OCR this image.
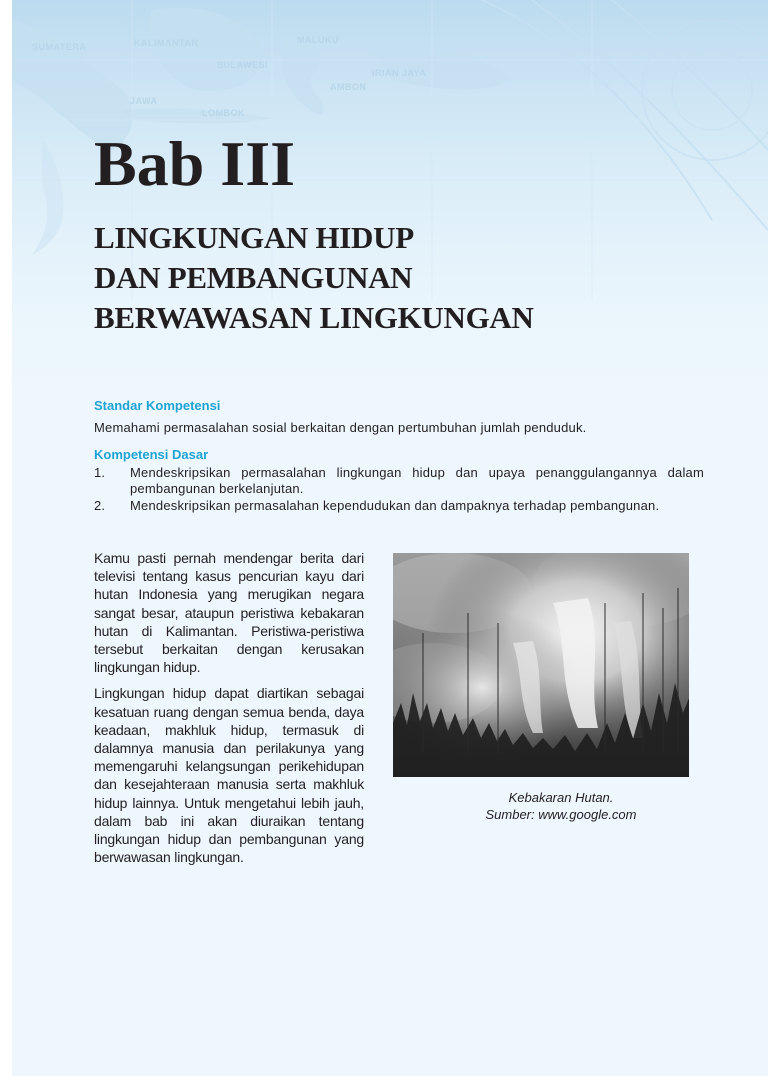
SUMATERA	KALIMANTAN
SULAWESI
MALUKU
AMBON
IRIAN JAYA
JAWA
LOMBOK
Bab III
LINGKUNGAN HIDUP
DAN PEMBANGUNAN
BERWAWASAN LINGKUNGAN
Standar Kompetensi
Memahami permasalahan sosial berkaitan dengan pertumbuhan jumlah penduduk.
Kompetensi Dasar
1. Mendeskripsikan permasalahan lingkungan hidup dan upaya penanggulangannya dalam pembangunan berkelanjutan.
2. Mendeskripsikan permasalahan kependudukan dan dampaknya terhadap pembangunan.

Kamu pasti pernah mendengar berita dari televisi tentang kasus pencurian kayu dari hutan Indonesia yang merugikan negara sangat besar, ataupun peristiwa kebakaran hutan di Kalimantan. Peristiwa-peristiwa tersebut berkaitan dengan kerusakan lingkungan hidup.

Lingkungan hidup dapat diartikan sebagai kesatuan ruang dengan semua benda, daya keadaan, makhluk hidup, termasuk di dalamnya manusia dan perilakunya yang memengaruhi kelangsungan perikehidupan dan kesejahteraan manusia serta makhluk hidup lainnya. Untuk mengetahui lebih jauh, dalam bab ini akan diuraikan tentang lingkungan hidup dan pembangunan yang berwawasan lingkungan.

Kebakaran Hutan.
Sumber: www.google.com
